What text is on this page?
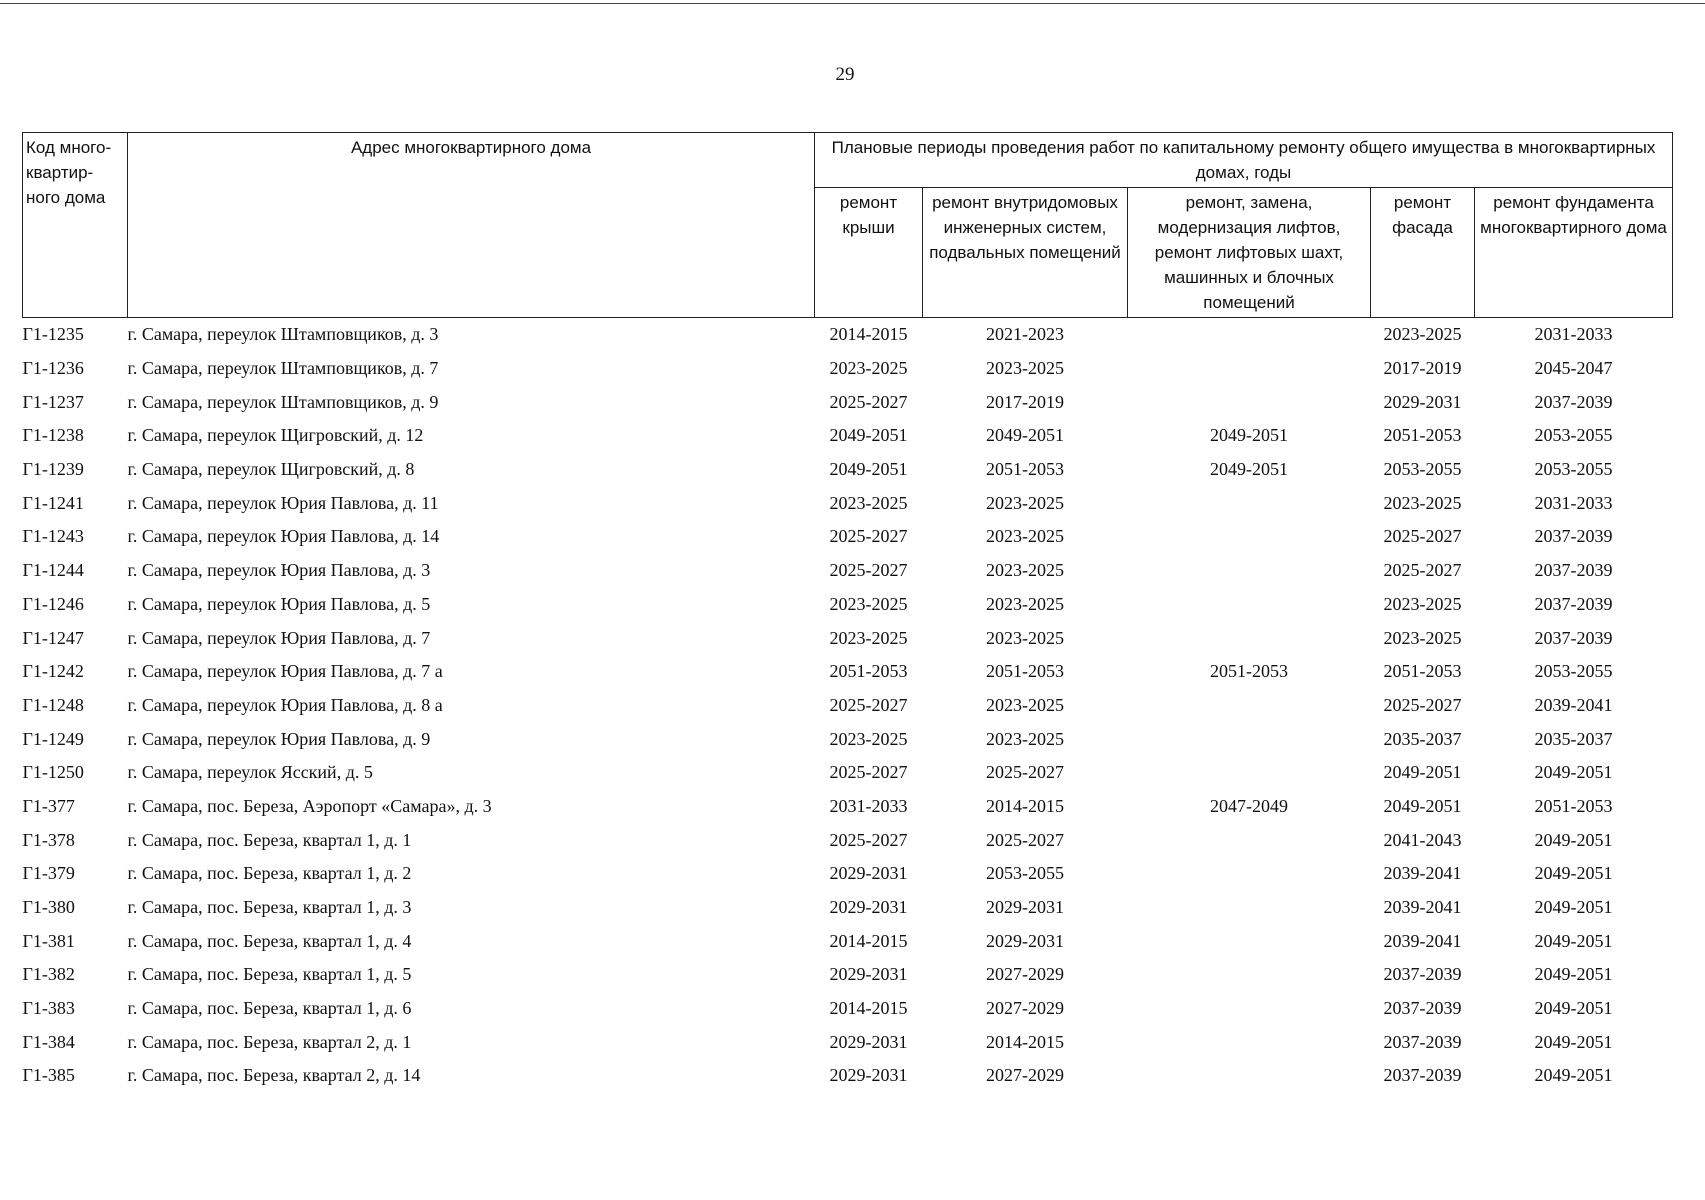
29
Код много-квартир-ного дома	Адрес многоквартирного дома	Плановые периоды проведения работ по капитальному ремонту общего имущества в многоквартирных домах, годы				
		ремонт крыши	ремонт внутридомовых инженерных систем, подвальных помещений	ремонт, замена, модернизация лифтов, ремонт лифтовых шахт, машинных и блочных помещений	ремонт фасада	ремонт фундамента многоквартирного дома
Г1-1235	г. Самара, переулок Штамповщиков, д. 3	2014-2015	2021-2023		2023-2025	2031-2033
Г1-1236	г. Самара, переулок Штамповщиков, д. 7	2023-2025	2023-2025		2017-2019	2045-2047
Г1-1237	г. Самара, переулок Штамповщиков, д. 9	2025-2027	2017-2019		2029-2031	2037-2039
Г1-1238	г. Самара, переулок Щигровский, д. 12	2049-2051	2049-2051	2049-2051	2051-2053	2053-2055
Г1-1239	г. Самара, переулок Щигровский, д. 8	2049-2051	2051-2053	2049-2051	2053-2055	2053-2055
Г1-1241	г. Самара, переулок Юрия Павлова, д. 11	2023-2025	2023-2025		2023-2025	2031-2033
Г1-1243	г. Самара, переулок Юрия Павлова, д. 14	2025-2027	2023-2025		2025-2027	2037-2039
Г1-1244	г. Самара, переулок Юрия Павлова, д. 3	2025-2027	2023-2025		2025-2027	2037-2039
Г1-1246	г. Самара, переулок Юрия Павлова, д. 5	2023-2025	2023-2025		2023-2025	2037-2039
Г1-1247	г. Самара, переулок Юрия Павлова, д. 7	2023-2025	2023-2025		2023-2025	2037-2039
Г1-1242	г. Самара, переулок Юрия Павлова, д. 7 а	2051-2053	2051-2053	2051-2053	2051-2053	2053-2055
Г1-1248	г. Самара, переулок Юрия Павлова, д. 8 а	2025-2027	2023-2025		2025-2027	2039-2041
Г1-1249	г. Самара, переулок Юрия Павлова, д. 9	2023-2025	2023-2025		2035-2037	2035-2037
Г1-1250	г. Самара, переулок Ясский, д. 5	2025-2027	2025-2027		2049-2051	2049-2051
Г1-377	г. Самара, пос. Береза, Аэропорт «Самара», д. 3	2031-2033	2014-2015	2047-2049	2049-2051	2051-2053
Г1-378	г. Самара, пос. Береза, квартал 1, д. 1	2025-2027	2025-2027		2041-2043	2049-2051
Г1-379	г. Самара, пос. Береза, квартал 1, д. 2	2029-2031	2053-2055		2039-2041	2049-2051
Г1-380	г. Самара, пос. Береза, квартал 1, д. 3	2029-2031	2029-2031		2039-2041	2049-2051
Г1-381	г. Самара, пос. Береза, квартал 1, д. 4	2014-2015	2029-2031		2039-2041	2049-2051
Г1-382	г. Самара, пос. Береза, квартал 1, д. 5	2029-2031	2027-2029		2037-2039	2049-2051
Г1-383	г. Самара, пос. Береза, квартал 1, д. 6	2014-2015	2027-2029		2037-2039	2049-2051
Г1-384	г. Самара, пос. Береза, квартал 2, д. 1	2029-2031	2014-2015		2037-2039	2049-2051
Г1-385	г. Самара, пос. Береза, квартал 2, д. 14	2029-2031	2027-2029		2037-2039	2049-2051
